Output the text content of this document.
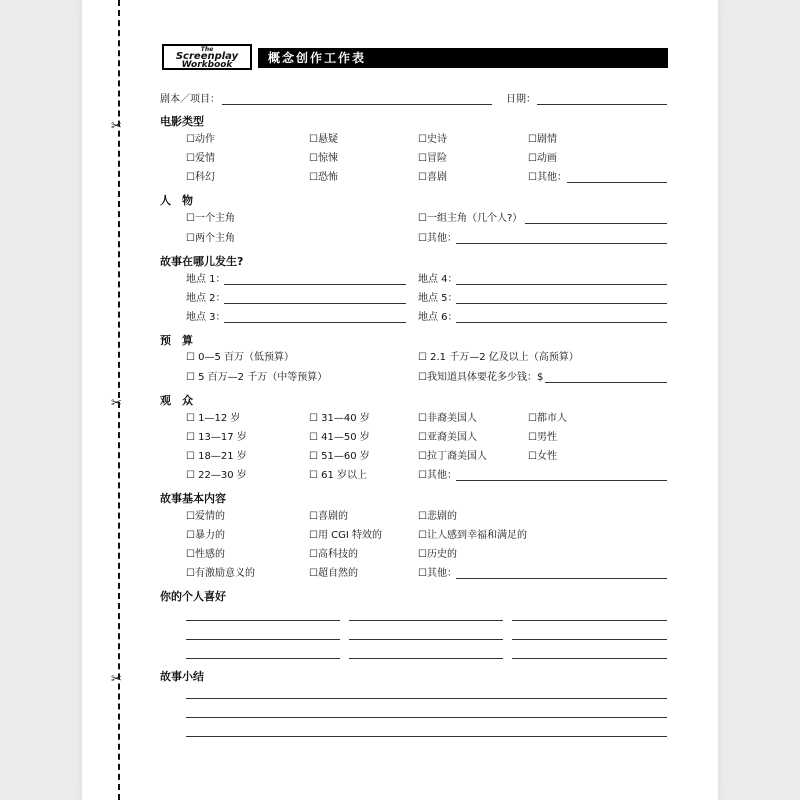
✂
✂
✂
概念创作工作表
The
Screenplay
Workbook
剧本／项目：	日期：
电影类型
☐动作	☐悬疑	☐史诗	☐剧情
☐爱情	☐惊悚	☐冒险	☐动画
☐科幻	☐恐怖	☐喜剧	☐其他：
人　物
☐一个主角	☐一组主角（几个人?）
☐两个主角	☐其他：
故事在哪儿发生?
地点 1：	地点 4：
地点 2：	地点 5：
地点 3：	地点 6：
预　算
☐ 0—5 百万（低预算）	☐ 2.1 千万—2 亿及以上（高预算）
☐ 5 百万—2 千万（中等预算）	☐我知道具体要花多少钱：$
观　众
☐ 1—12 岁	☐ 31—40 岁	☐非裔美国人	☐都市人
☐ 13—17 岁	☐ 41—50 岁	☐亚裔美国人	☐男性
☐ 18—21 岁	☐ 51—60 岁	☐拉丁裔美国人	☐女性
☐ 22—30 岁	☐ 61 岁以上	☐其他：
故事基本内容
☐爱情的	☐喜剧的	☐悲剧的
☐暴力的	☐用 CGI 特效的	☐让人感到幸福和满足的
☐性感的	☐高科技的	☐历史的
☐有激励意义的	☐超自然的	☐其他：
你的个人喜好
故事小结
